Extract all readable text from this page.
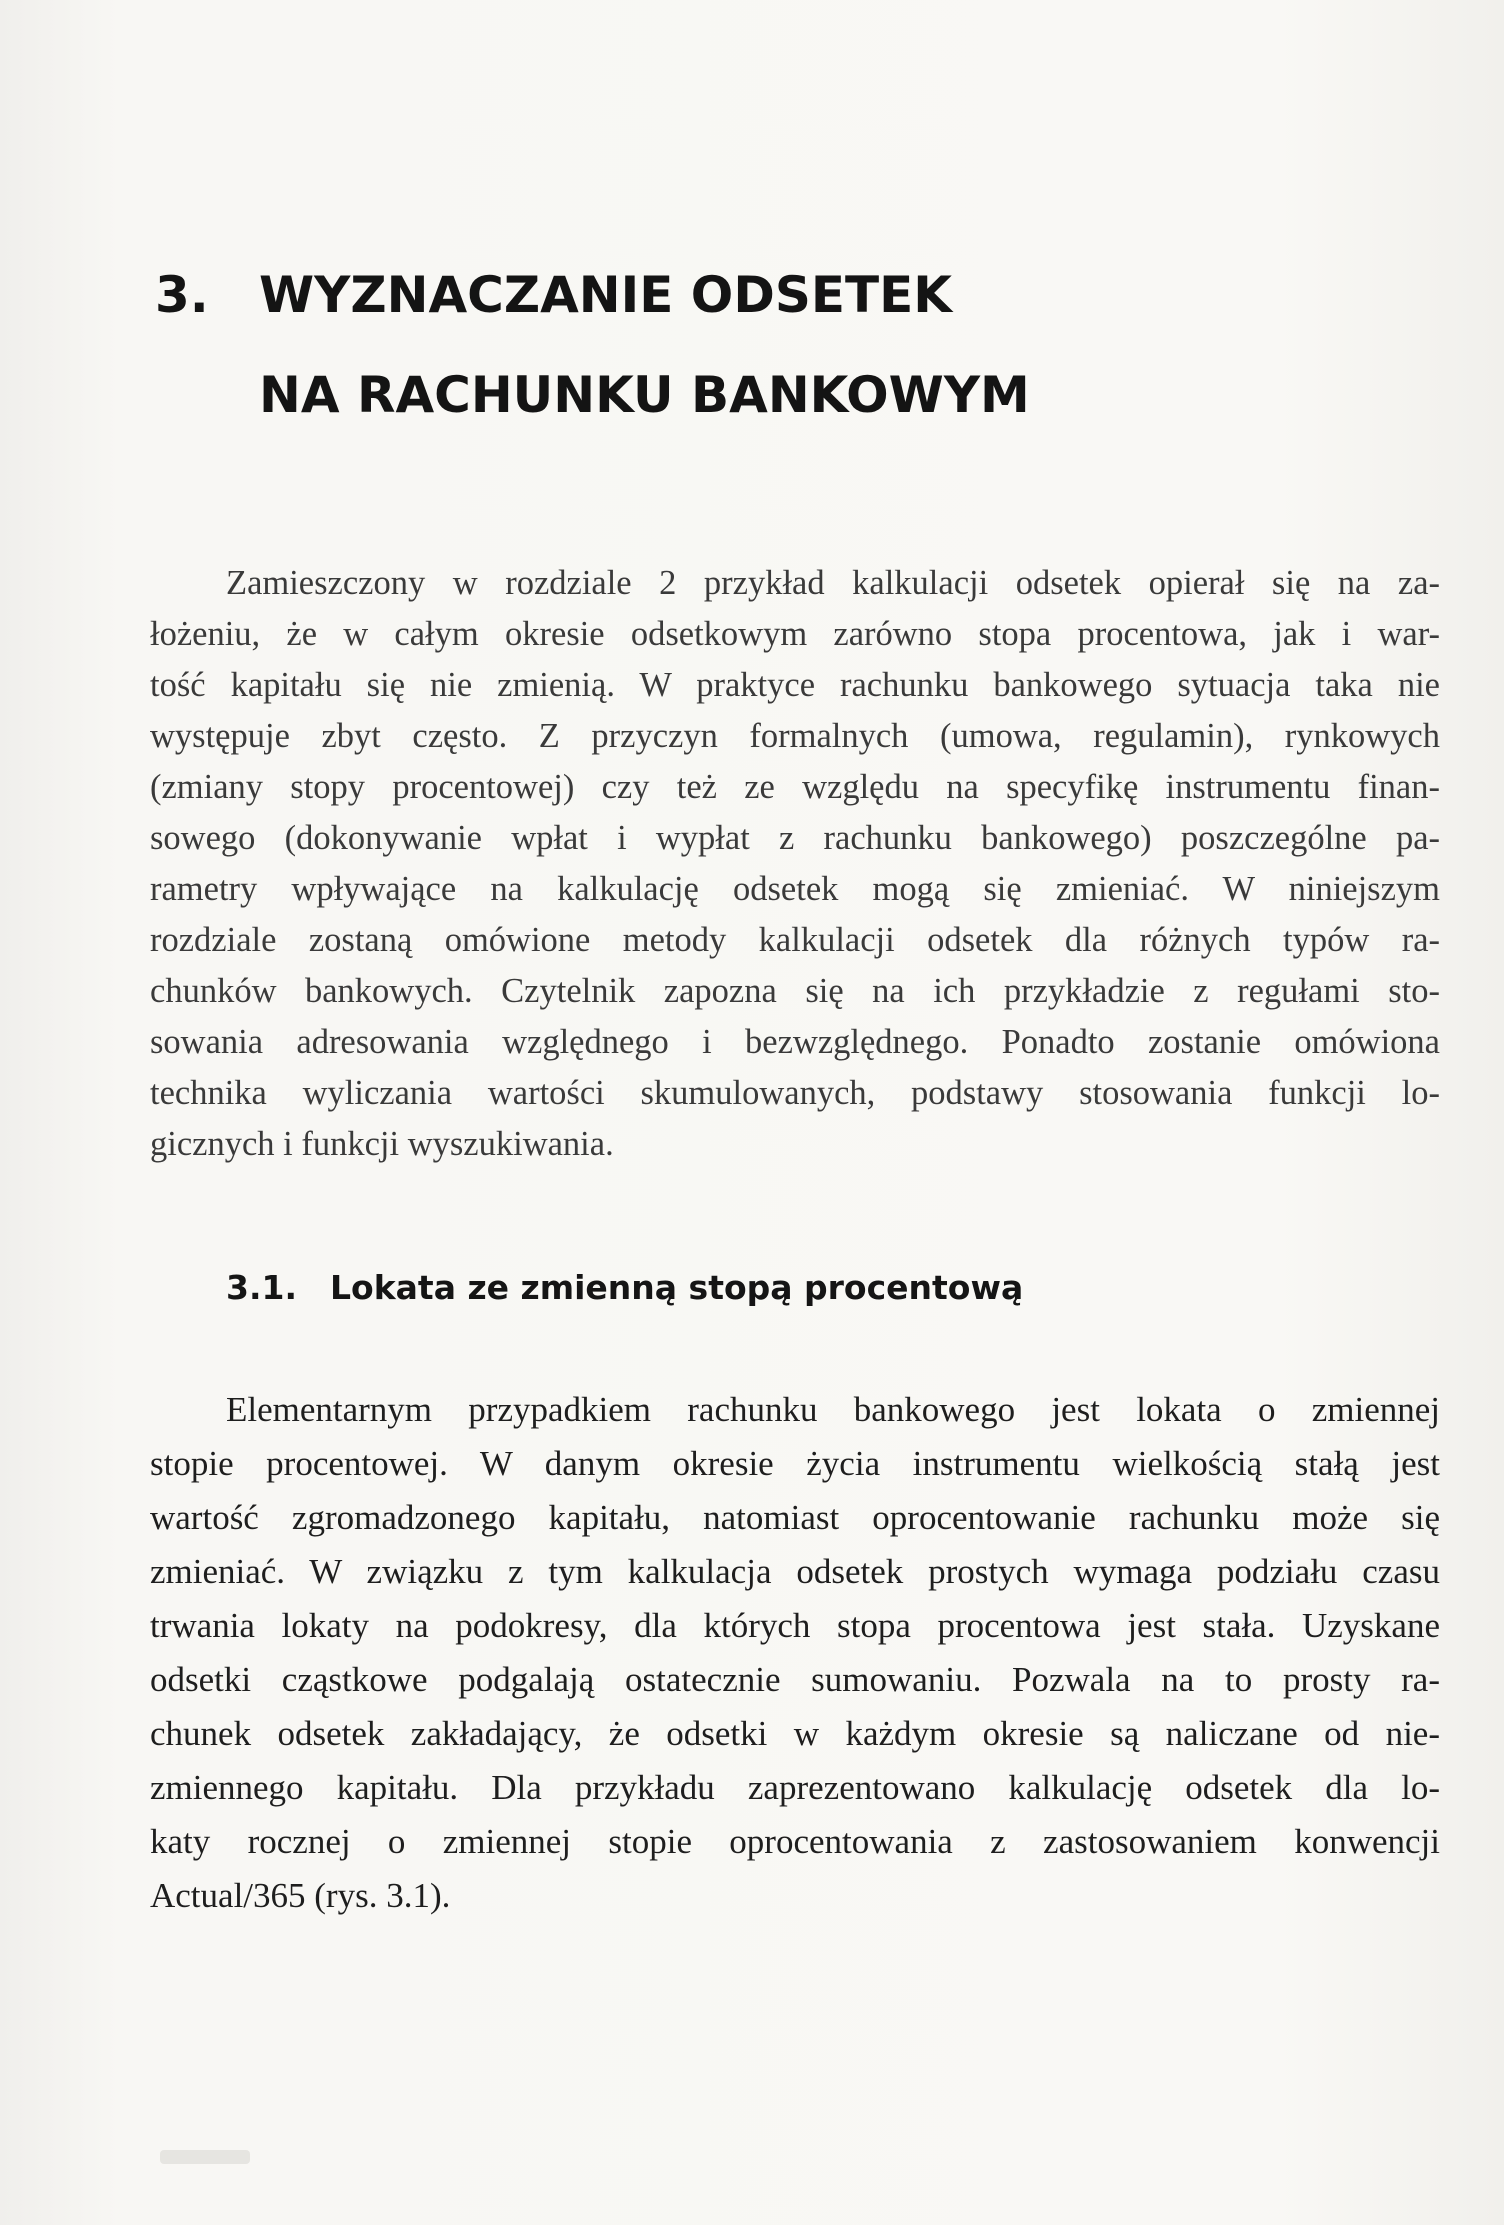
3. WYZNACZANIE ODSETEK
NA RACHUNKU BANKOWYM
Zamieszczony w rozdziale 2 przykład kalkulacji odsetek opierał się na za-
łożeniu, że w całym okresie odsetkowym zarówno stopa procentowa, jak i war-
tość kapitału się nie zmienią. W praktyce rachunku bankowego sytuacja taka nie
występuje zbyt często. Z przyczyn formalnych (umowa, regulamin), rynkowych
(zmiany stopy procentowej) czy też ze względu na specyfikę instrumentu finan-
sowego (dokonywanie wpłat i wypłat z rachunku bankowego) poszczególne pa-
rametry wpływające na kalkulację odsetek mogą się zmieniać. W niniejszym
rozdziale zostaną omówione metody kalkulacji odsetek dla różnych typów ra-
chunków bankowych. Czytelnik zapozna się na ich przykładzie z regułami sto-
sowania adresowania względnego i bezwzględnego. Ponadto zostanie omówiona
technika wyliczania wartości skumulowanych, podstawy stosowania funkcji lo-
gicznych i funkcji wyszukiwania.
3.1. Lokata ze zmienną stopą procentową
Elementarnym przypadkiem rachunku bankowego jest lokata o zmiennej
stopie procentowej. W danym okresie życia instrumentu wielkością stałą jest
wartość zgromadzonego kapitału, natomiast oprocentowanie rachunku może się
zmieniać. W związku z tym kalkulacja odsetek prostych wymaga podziału czasu
trwania lokaty na podokresy, dla których stopa procentowa jest stała. Uzyskane
odsetki cząstkowe podgalają ostatecznie sumowaniu. Pozwala na to prosty ra-
chunek odsetek zakładający, że odsetki w każdym okresie są naliczane od nie-
zmiennego kapitału. Dla przykładu zaprezentowano kalkulację odsetek dla lo-
katy rocznej o zmiennej stopie oprocentowania z zastosowaniem konwencji
Actual/365 (rys. 3.1).
